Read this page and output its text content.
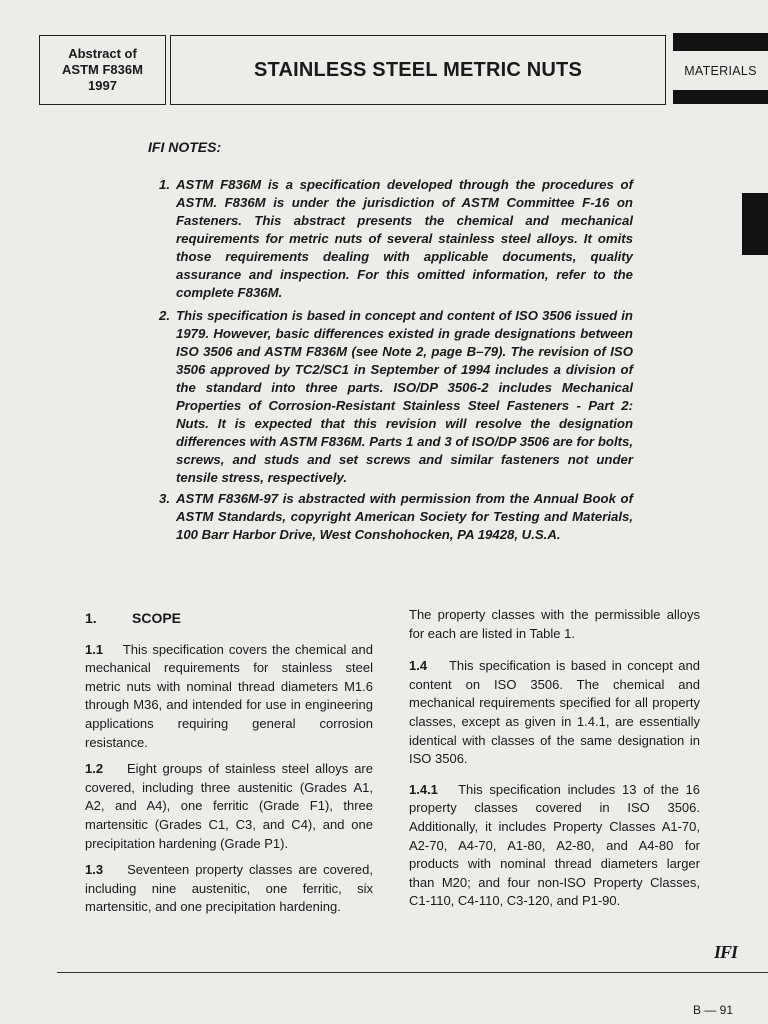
Abstract of
ASTM F836M
1997
STAINLESS STEEL METRIC NUTS	MATERIALS
IFI NOTES:
1. ASTM F836M is a specification developed through the procedures of ASTM. F836M is under the jurisdiction of ASTM Committee F-16 on Fasteners. This abstract presents the chemical and mechanical requirements for metric nuts of several stainless steel alloys. It omits those requirements dealing with applicable documents, quality assurance and inspection. For this omitted information, refer to the complete F836M.
2. This specification is based in concept and content of ISO 3506 issued in 1979. However, basic differences existed in grade designations between ISO 3506 and ASTM F836M (see Note 2, page B–79). The revision of ISO 3506 approved by TC2/SC1 in September of 1994 includes a division of the standard into three parts. ISO/DP 3506-2 includes Mechanical Properties of Corrosion-Resistant Stainless Steel Fasteners - Part 2: Nuts. It is expected that this revision will resolve the designation differences with ASTM F836M. Parts 1 and 3 of ISO/DP 3506 are for bolts, screws, and studs and set screws and similar fasteners not under tensile stress, respectively.
3. ASTM F836M-97 is abstracted with permission from the Annual Book of ASTM Standards, copyright American Society for Testing and Materials, 100 Barr Harbor Drive, West Conshohocken, PA 19428, U.S.A.

1.	SCOPE

1.1 This specification covers the chemical and mechanical requirements for stainless steel metric nuts with nominal thread diameters M1.6 through M36, and intended for use in engineering applications requiring general corrosion resistance.

1.2 Eight groups of stainless steel alloys are covered, including three austenitic (Grades A1, A2, and A4), one ferritic (Grade F1), three martensitic (Grades C1, C3, and C4), and one precipitation hardening (Grade P1).

1.3 Seventeen property classes are covered, including nine austenitic, one ferritic, six martensitic, and one precipitation hardening.

The property classes with the permissible alloys for each are listed in Table 1.

1.4 This specification is based in concept and content on ISO 3506. The chemical and mechanical requirements specified for all property classes, except as given in 1.4.1, are essentially identical with classes of the same designation in ISO 3506.

1.4.1 This specification includes 13 of the 16 property classes covered in ISO 3506. Additionally, it includes Property Classes A1-70, A2-70, A4-70, A1-80, A2-80, and A4-80 for products with nominal thread diameters larger than M20; and four non-ISO Property Classes, C1-110, C4-110, C3-120, and P1-90.

IFI
B — 91
